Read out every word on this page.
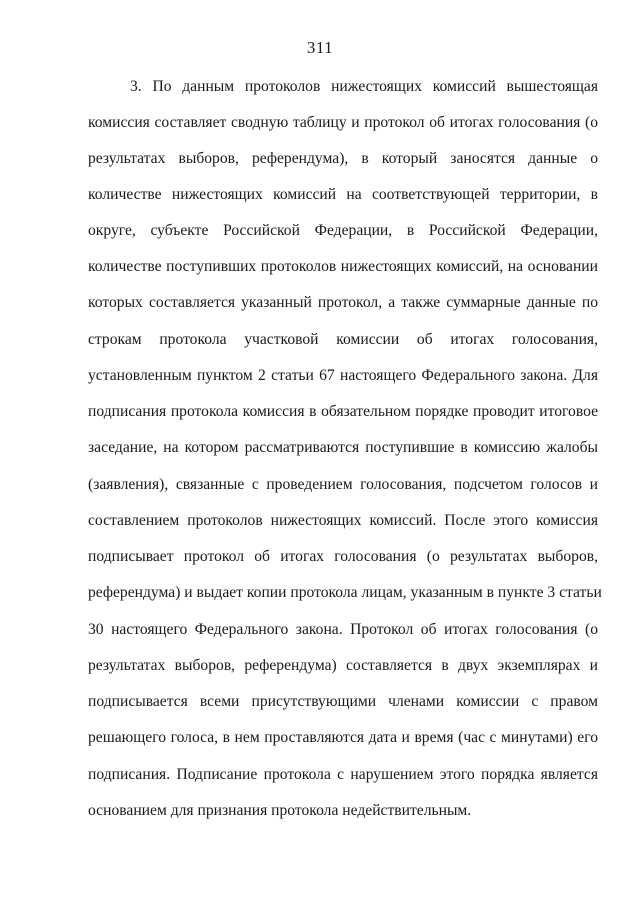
311
3. По данным протоколов нижестоящих комиссий вышестоящая
комиссия составляет сводную таблицу и протокол об итогах голосования (о
результатах выборов, референдума), в который заносятся данные о
количестве нижестоящих комиссий на соответствующей территории, в
округе, субъекте Российской Федерации, в Российской Федерации,
количестве поступивших протоколов нижестоящих комиссий, на основании
которых составляется указанный протокол, а также суммарные данные по
строкам протокола участковой комиссии об итогах голосования,
установленным пунктом 2 статьи 67 настоящего Федерального закона. Для
подписания протокола комиссия в обязательном порядке проводит итоговое
заседание, на котором рассматриваются поступившие в комиссию жалобы
(заявления), связанные с проведением голосования, подсчетом голосов и
составлением протоколов нижестоящих комиссий. После этого комиссия
подписывает протокол об итогах голосования (о результатах выборов,
референдума) и выдает копии протокола лицам, указанным в пункте 3 статьи
30 настоящего Федерального закона. Протокол об итогах голосования (о
результатах выборов, референдума) составляется в двух экземплярах и
подписывается всеми присутствующими членами комиссии с правом
решающего голоса, в нем проставляются дата и время (час с минутами) его
подписания. Подписание протокола с нарушением этого порядка является
основанием для признания протокола недействительным.
